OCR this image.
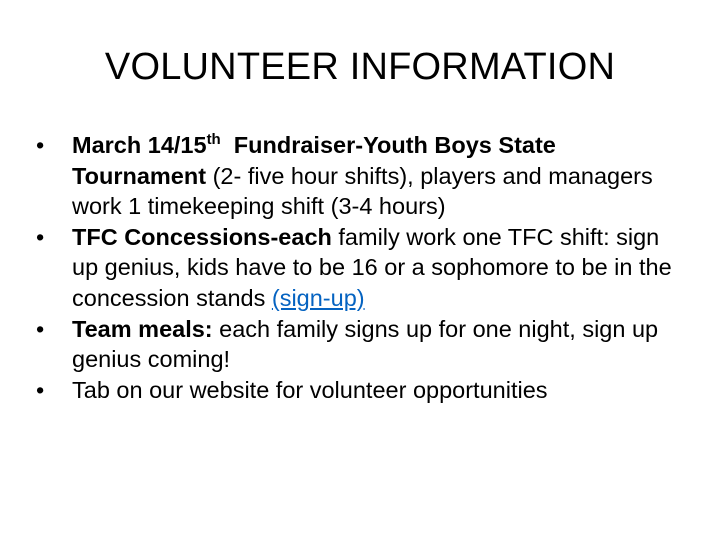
VOLUNTEER INFORMATION
•	March 14/15th  Fundraiser-Youth Boys State Tournament (2- five hour shifts), players and managers work 1 timekeeping shift (3-4 hours)
•	TFC Concessions-each family work one TFC shift: sign up genius, kids have to be 16 or a sophomore to be in the concession stands (sign-up)
•	Team meals: each family signs up for one night, sign up genius coming!
•	Tab on our website for volunteer opportunities
